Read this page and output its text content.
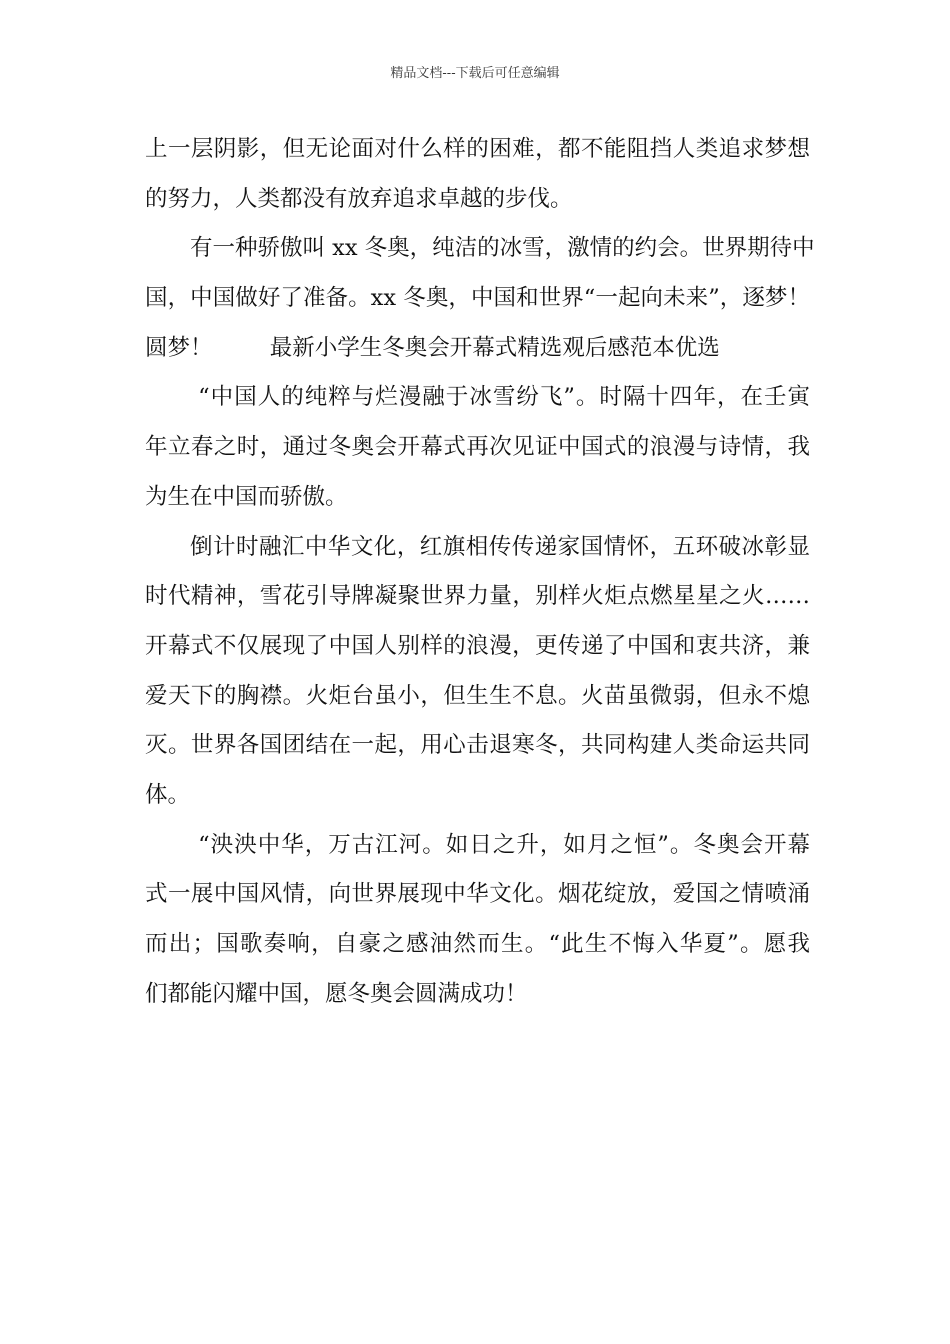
精品文档---下载后可任意编辑
上一层阴影，但无论面对什么样的困难，都不能阻挡人类追求梦想
的努力，人类都没有放弃追求卓越的步伐。
有一种骄傲叫 xx 冬奥，纯洁的冰雪，激情的约会。世界期待中
国，中国做好了准备。xx 冬奥，中国和世界“一起向未来”，逐梦！
圆梦！        最新小学生冬奥会开幕式精选观后感范本优选
“中国人的纯粹与烂漫融于冰雪纷飞”。时隔十四年，在壬寅
年立春之时，通过冬奥会开幕式再次见证中国式的浪漫与诗情，我
为生在中国而骄傲。
倒计时融汇中华文化，红旗相传传递家国情怀，五环破冰彰显
时代精神，雪花引导牌凝聚世界力量，别样火炬点燃星星之火……
开幕式不仅展现了中国人别样的浪漫，更传递了中国和衷共济，兼
爱天下的胸襟。火炬台虽小，但生生不息。火苗虽微弱，但永不熄
灭。世界各国团结在一起，用心击退寒冬，共同构建人类命运共同
体。
“泱泱中华，万古江河。如日之升，如月之恒”。冬奥会开幕
式一展中国风情，向世界展现中华文化。烟花绽放，爱国之情喷涌
而出；国歌奏响，自豪之感油然而生。“此生不悔入华夏”。愿我
们都能闪耀中国，愿冬奥会圆满成功！
